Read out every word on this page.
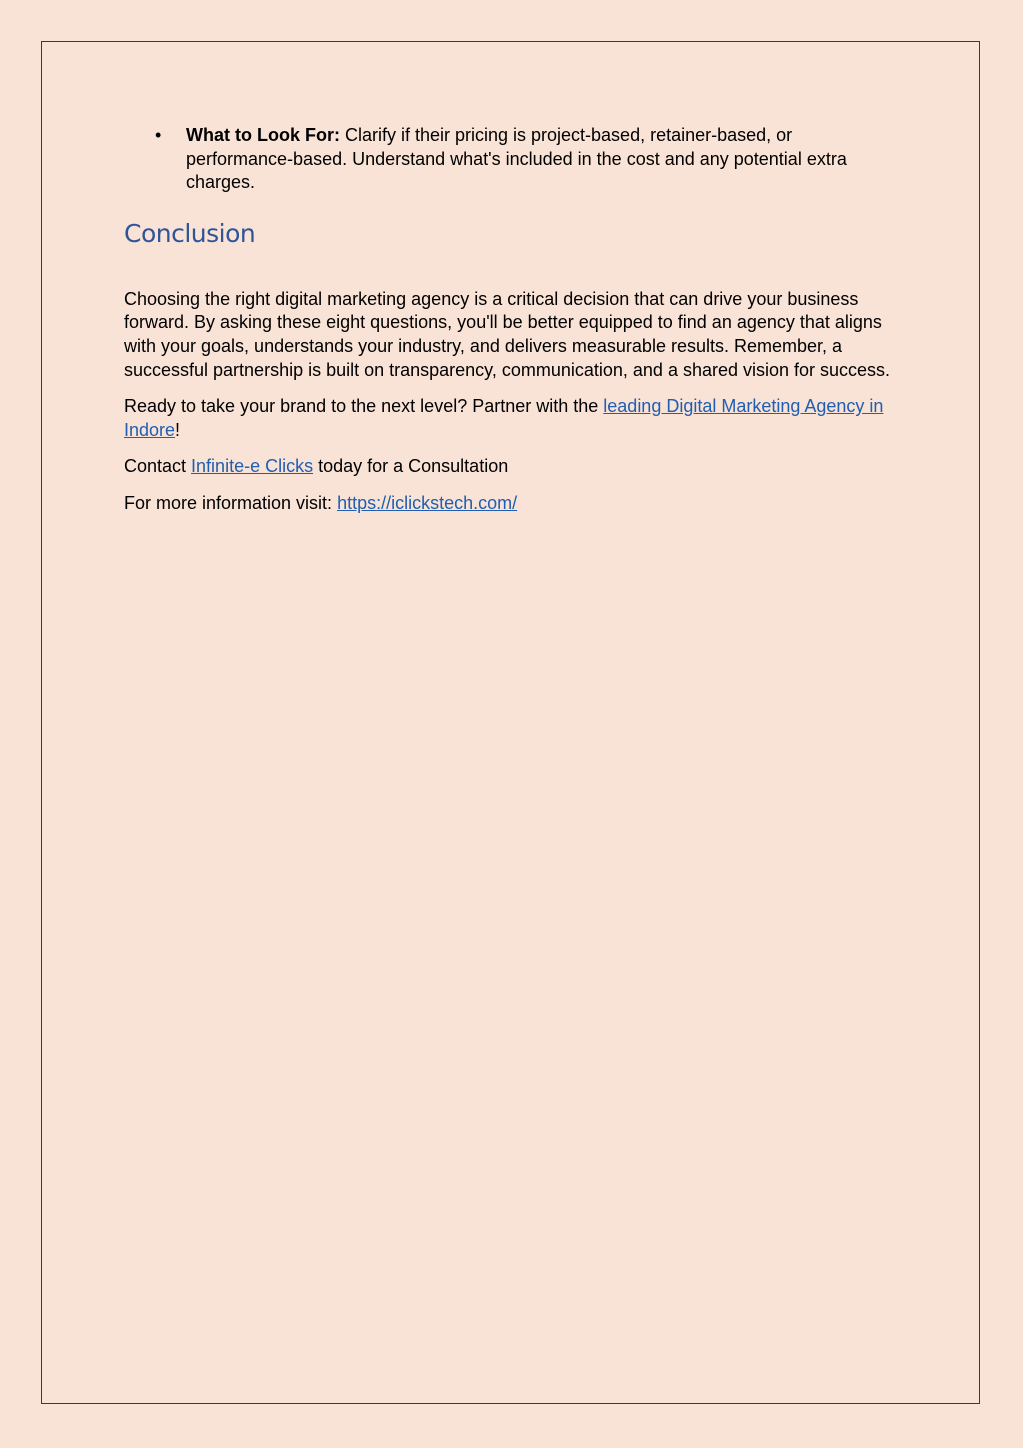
• What to Look For: Clarify if their pricing is project-based, retainer-based, or performance-based. Understand what's included in the cost and any potential extra charges.
Conclusion

Choosing the right digital marketing agency is a critical decision that can drive your business forward. By asking these eight questions, you'll be better equipped to find an agency that aligns with your goals, understands your industry, and delivers measurable results. Remember, a successful partnership is built on transparency, communication, and a shared vision for success.

Ready to take your brand to the next level? Partner with the leading Digital Marketing Agency in Indore!

Contact Infinite-e Clicks today for a Consultation

For more information visit: https://iclickstech.com/
